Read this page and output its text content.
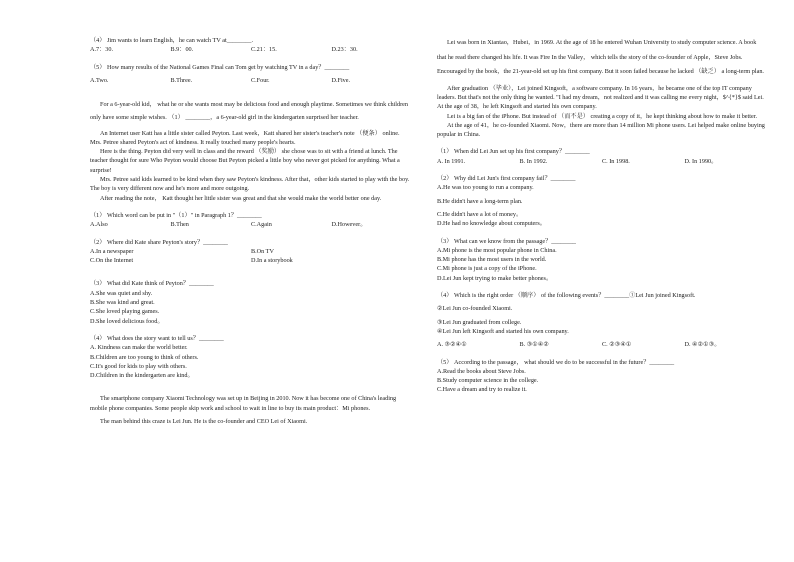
（4） Jim wants to learn English，he can watch TV at________.
A.7：30.	B.9：00.	C.21：15.	D.23：30.
（5） How many results of the National Games Final can Tom get by watching TV in a day？________
A.Two.	B.Three.	C.Four.	D.Five.

For a 6-year-old kid， what he or she wants most may be delicious food and enough playtime. Sometimes we think children only have some simple wishes. （1） ________，a 6-year-old girl in the kindergarten surprised her teacher.

An Internet user Katt has a little sister called Peyton. Last week，Katt shared her sister's teacher's note （便条） online. Mrs. Petree shared Peyton's act of kindness. It really touched many people's hearts.

Here is the thing. Peyton did very well in class and the reward （奖励） she chose was to sit with a friend at lunch. The teacher thought for sure Who Peyton would choose But Peyton picked a little boy who never got picked for anything. What a surprise!

Mrs. Petree said kids learned to be kind when they saw Peyton's kindness. After that，other kids started to play with the boy. The boy is very different now and he's more and more outgoing.

After reading the note， Katt thought her little sister was great and that she would make the world better one day.

（1） Which word can be put in "（1）" in Paragraph 1？________
A.Also	B.Then	C.Again	D.However。
（2） Where did Kate share Peyton's story？________
A.In a newspaper	B.On TV
C.On the Internet	D.In a storybook
（3） What did Kate think of Peyton？________
A.She was quiet and shy.
B.She was kind and great.
C.She loved playing games.
D.She loved delicious food。
（4） What does the story want to tell us？________
A. Kindness can make the world better.
B.Children are too young to think of others.
C.It's good for kids to play with others.
D.Children in the kindergarten are kind。

The smartphone company Xiaomi Technology was set up in Beijing in 2010. Now it has become one of China's leading mobile phone companies. Some people skip work and school to wait in line to buy its main product：Mi phones.

The man behind this craze is Lei Jun. He is the co-founder and CEO Lei of Xiaomi.

Lei was born in Xiantao，Hubei，in 1969. At the age of 18 he entered Wuhan University to study computer science. A book that he read there changed his life. It was Fire In the Valley， which tells the story of the co-founder of Apple，Steve Jobs. Encouraged by the book，the 21-year-old set up his first company. But it soon failed because he lacked （缺乏） a long-term plan.

After graduation （毕业），Lei joined Kingsoft，a software company. In 16 years，he became one of the top IT company leaders. But that's not the only thing he wanted. "I had my dream，not realized and it was calling me every night，$^{*}$ said Lei. At the age of 38，he left Kingsoft and started his own company.

Lei is a big fan of the iPhone. But instead of （而不是） creating a copy of it，he kept thinking about how to make it better.

At the age of 41，he co-founded Xiaomi. Now，there are more than 14 million Mi phone users. Lei helped make online buying popular in China.

（1） When did Lei Jun set up his first company？________
A. In 1991.	B. In 1992.	C. In 1998.	D. In 1990。
（2） Why did Lei Jun's first company fail？________
A.He was too young to run a company.
B.He didn't have a long-term plan.
C.He didn't have a lot of money。
D.He had no knowledge about computers。
（3） What can we know from the passage？________
A.Mi phone is the most popular phone in China.
B.Mi phone has the most users in the world.
C.Mi phone is just a copy of the iPhone.
D.Lei Jun kept trying to make better phones。
（4） Which is the right order （顺序） of the following events？________①Lei Jun joined Kingsoft.
②Lei Jun co-founded Xiaomi.
③Lei Jun graduated from college.
④Lei Jun left Kingsoft and started his own company.
A. ③②④①	B. ③①④②	C. ②③④①	D. ④②①③。
（5） According to the passage， what should we do to be successful in the future？________
A.Read the books about Steve Jobs.
B.Study computer science in the college.
C.Have a dream and try to realize it.
